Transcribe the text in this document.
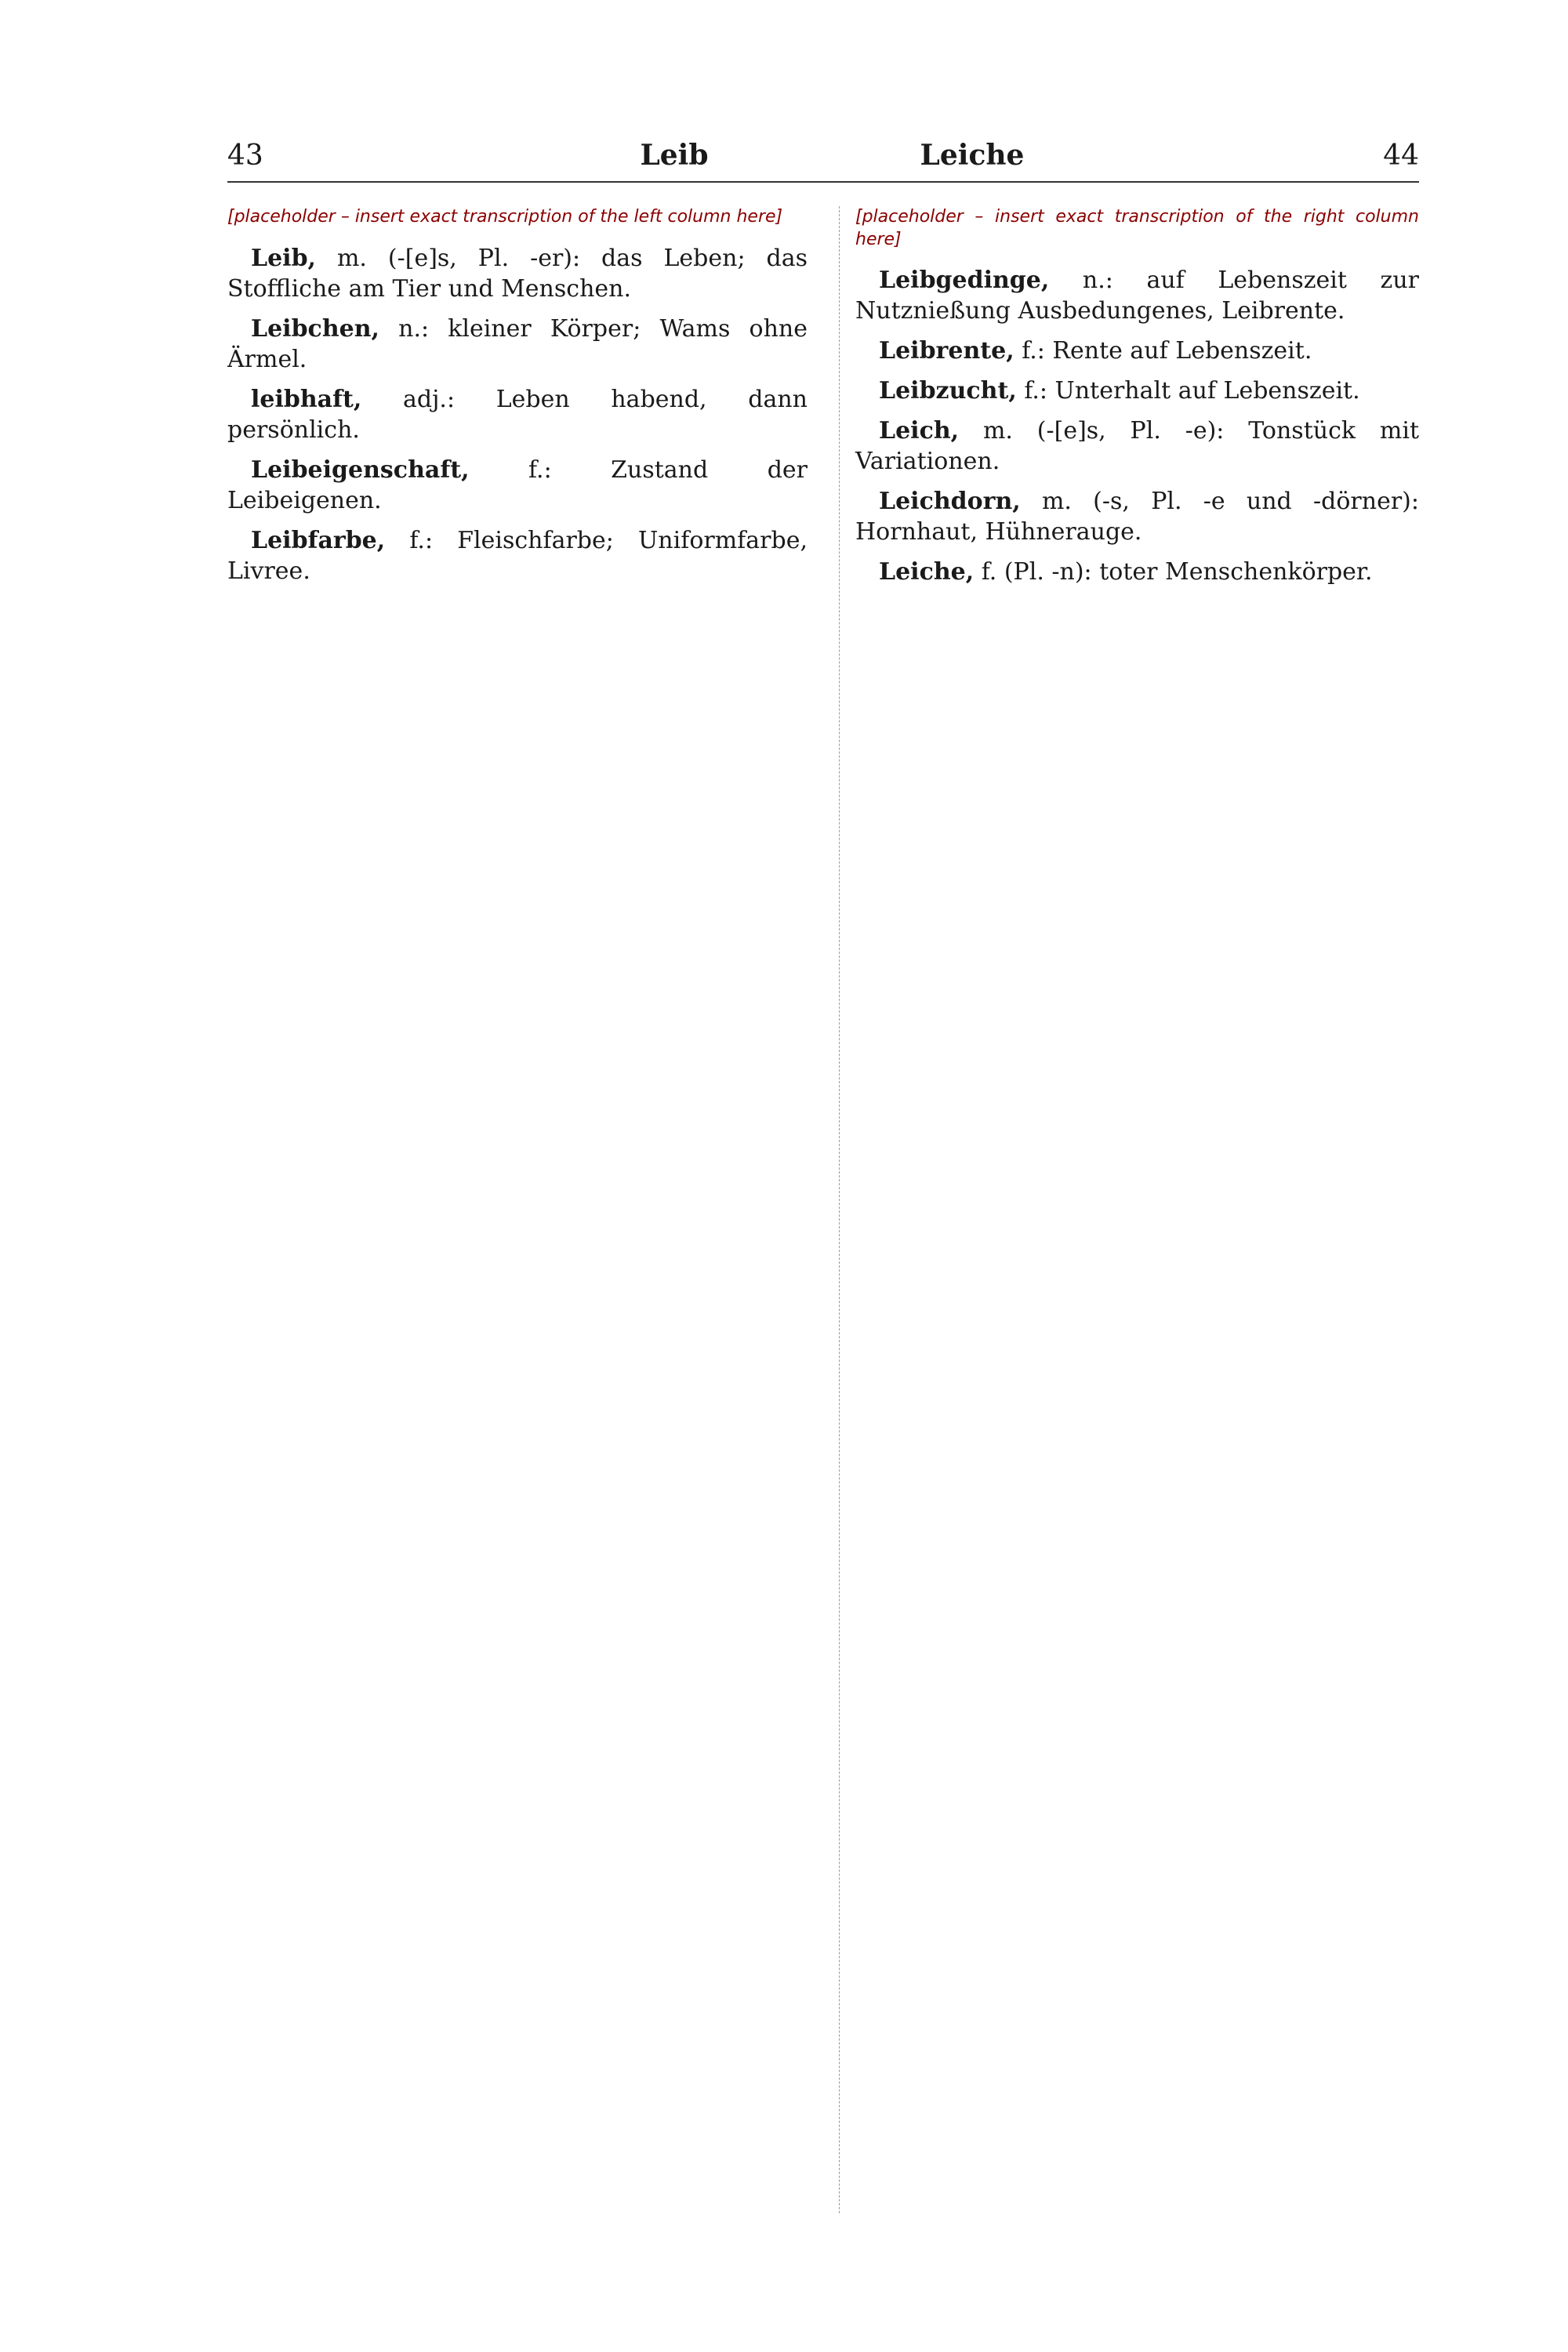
43	Leib	Leiche	44
[placeholder – insert exact transcription of the left column here]

Leib, m. (-[e]s, Pl. -er): das Leben; das Stoffliche am Tier und Menschen.

Leibchen, n.: kleiner Körper; Wams ohne Ärmel.

leibhaft, adj.: Leben habend, dann persönlich.

Leibeigenschaft,	f.: Zustand der Leibeigenen.

Leibfarbe, f.: Fleischfarbe; Uniformfarbe, Livree.

[placeholder – insert exact transcription of the right column here]

Leibgedinge, n.: auf Lebenszeit zur Nutznießung Ausbedungenes, Leibrente.

Leibrente, f.: Rente auf Lebenszeit.

Leibzucht, f.: Unterhalt auf Lebenszeit.

Leich, m. (-[e]s, Pl. -e): Tonstück mit Variationen.

Leichdorn, m. (-s, Pl. -e und -dörner): Hornhaut, Hühnerauge.

Leiche, f. (Pl. -n): toter Menschenkörper.
